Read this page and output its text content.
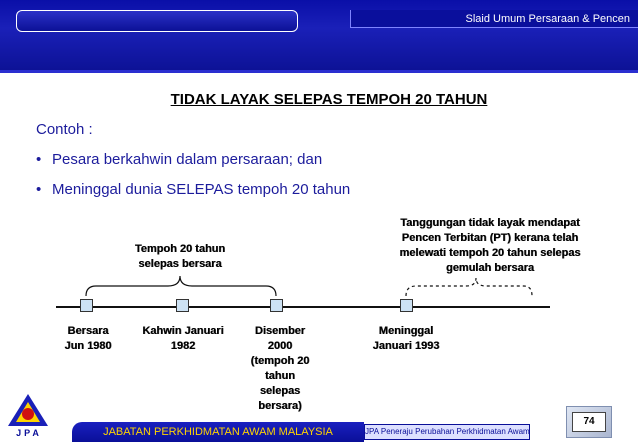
Slaid Umum Persaraan & Pencen
TIDAK LAYAK SELEPAS TEMPOH 20 TAHUN
Contoh :
• Pesara berkahwin dalam persaraan; dan
• Meninggal dunia SELEPAS tempoh 20 tahun
Tempoh 20 tahun
selepas bersara
Tanggungan tidak layak mendapat
Pencen Terbitan (PT) kerana telah
melewati tempoh 20 tahun selepas
gemulah bersara
Bersara
Jun 1980
Kahwin Januari
1982
Disember
2000
(tempoh 20
tahun
selepas
bersara)
Meninggal
Januari 1993
JPA	JABATAN PERKHIDMATAN AWAM MALAYSIA	JPA Peneraju Perubahan Perkhidmatan Awam
74
